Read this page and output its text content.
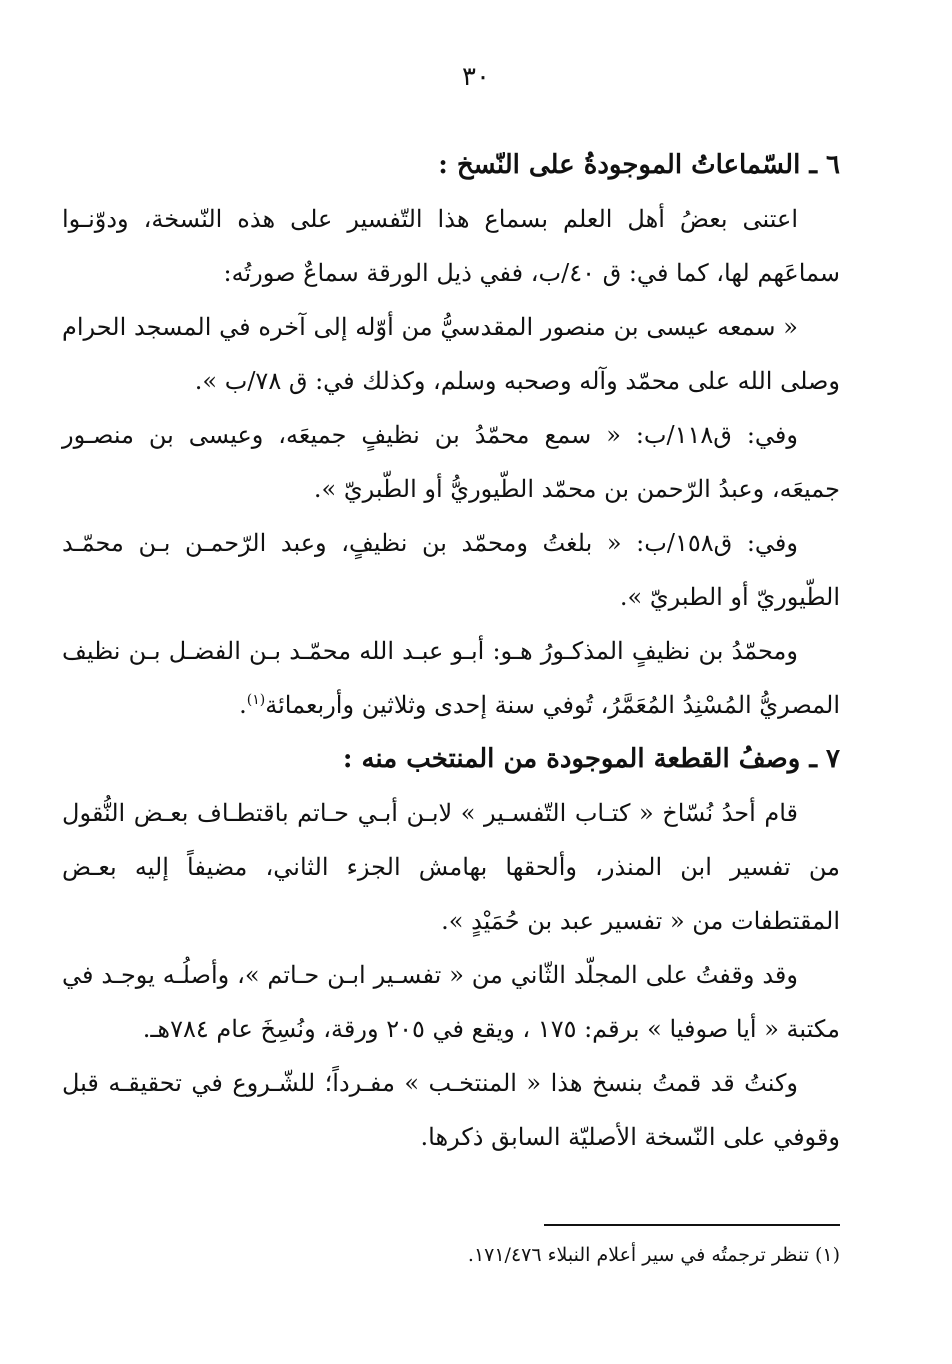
٣٠

٦ ـ السّماعاتُ الموجودةُ على النّسخ :

اعتنى بعضُ أهل العلم بسماع هذا التّفسير على هذه النّسخة، ودوّنـوا سماعَهم لها، كما في: ق ٤٠/ب، ففي ذيل الورقة سماعٌ صورتُه:

« سمعه عيسى بن منصور المقدسيُّ من أوّله إلى آخره في المسجد الحرام وصلى الله على محمّد وآله وصحبه وسلم، وكذلك في: ق ٧٨/ب ».

وفي: ق١١٨/ب: « سمع محمّدُ بن نظيفٍ جميعَه، وعيسى بن منصـور جميعَه، وعبدُ الرّحمن بن محمّد الطّيوريُّ أو الطّبريّ ».

وفي: ق١٥٨/ب: « بلغتُ ومحمّد بن نظيفٍ، وعبد الرّحمـن بـن محمّـد الطّيوريّ أو الطبريّ ».

ومحمّدُ بن نظيفٍ المذكـورُ هـو: أبـو عبـد الله محمّـد بـن الفضـل بـن نظيف المصريُّ المُسْنِدُ المُعَمَّرُ، تُوفي سنة إحدى وثلاثين وأربعمائة$^{(١)}$.

٧ ـ وصفُ القطعة الموجودة من المنتخب منه :

قام أحدُ نُسّاخ « كتـاب التّفسـير » لابـن أبـي حـاتم باقتطـاف بعـض النُّقول من تفسير ابن المنذر، وألحقها بهامش الجزء الثاني، مضيفاً إليه بعـض المقتطفات من « تفسير عبد بن حُمَيْدٍ ».

وقد وقفتُ على المجلّد الثّاني من « تفسـير ابـن حـاتم »، وأصلُـه يوجـد في مكتبة « أيا صوفيا » برقم: ١٧٥ ، ويقع في ٢٠٥ ورقة، ونُسِخَ عام ٧٨٤هـ.

وكنتُ قد قمتُ بنسخ هذا « المنتخـب » مفـرداً؛ للشّـروع في تحقيقـه قبل وقوفي على النّسخة الأصليّة السابق ذكرها.

(١) تنظر ترجمتُه في سير أعلام النبلاء ١٧١/٤٧٦.
